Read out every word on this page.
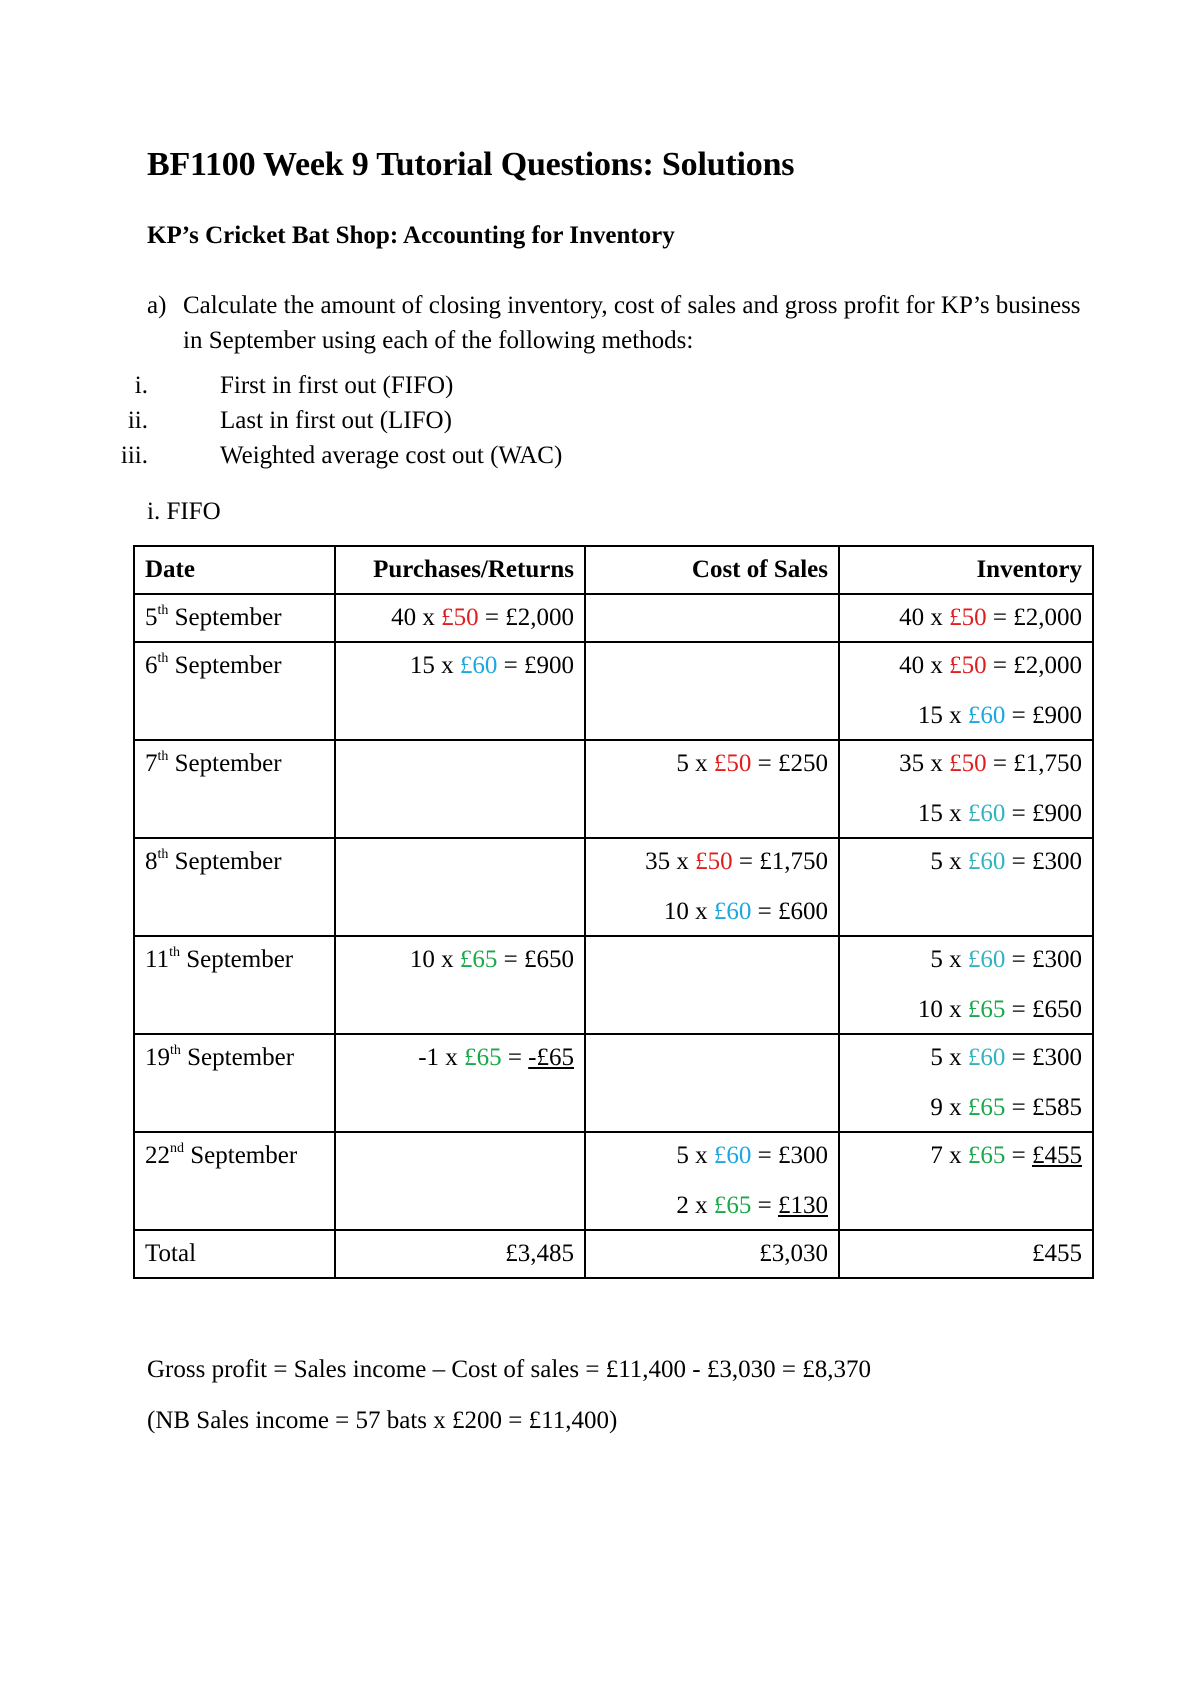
BF1100 Week 9 Tutorial Questions: Solutions
KP’s Cricket Bat Shop: Accounting for Inventory
a) Calculate the amount of closing inventory, cost of sales and gross profit for KP’s business in September using each of the following methods:
i.	First in first out (FIFO)
ii.	Last in first out (LIFO)
iii.	Weighted average cost out (WAC)
i. FIFO
Date	Purchases/Returns	Cost of Sales	Inventory
5th September	40 x £50 = £2,000		40 x £50 = £2,000

6th September	15 x £60 = £900		40 x £50 = £2,000
15 x £60 = £900

7th September		5 x £50 = £250	35 x £50 = £1,750
15 x £60 = £900

8th September		35 x £50 = £1,750
10 x £60 = £600	5 x £60 = £300

11th September	10 x £65 = £650		5 x £60 = £300
10 x £65 = £650

19th September	-1 x £65 = -£65		5 x £60 = £300
9 x £65 = £585

22nd September		5 x £60 = £300
2 x £65 = £130	7 x £65 = £455

Total	£3,485	£3,030	£455
Gross profit = Sales income – Cost of sales = £11,400 - £3,030 = £8,370
(NB Sales income = 57 bats x £200 = £11,400)
